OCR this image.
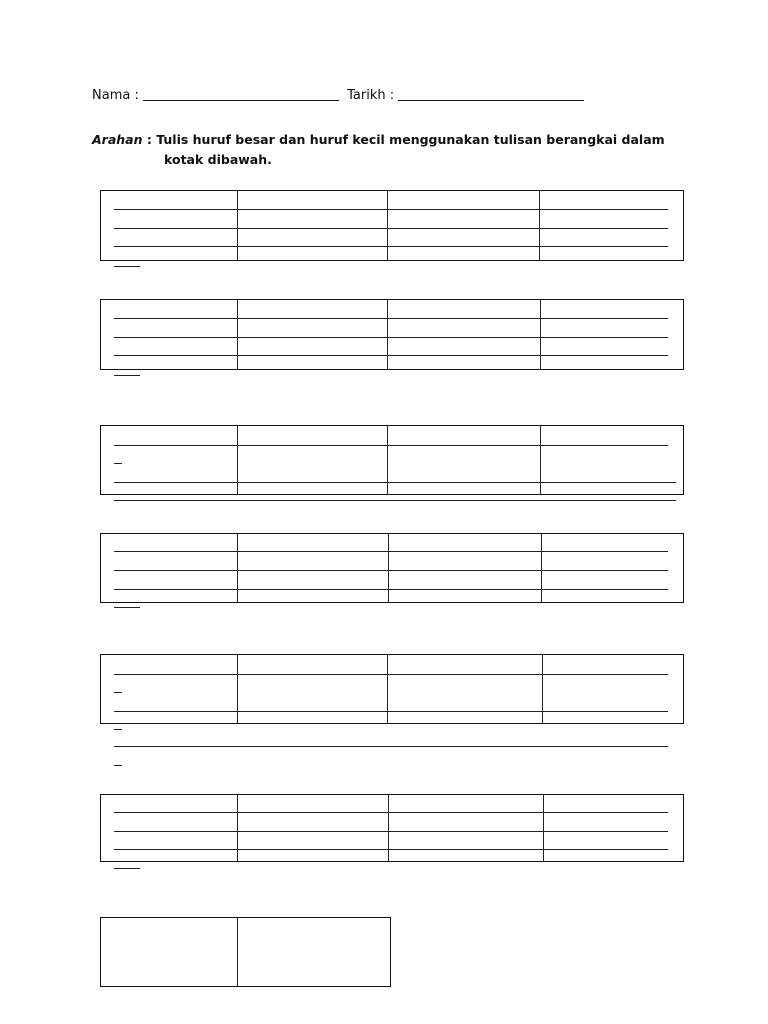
Nama :	Tarikh :
Arahan : Tulis huruf besar dan huruf kecil menggunakan tulisan berangkai dalam
kotak dibawah.
